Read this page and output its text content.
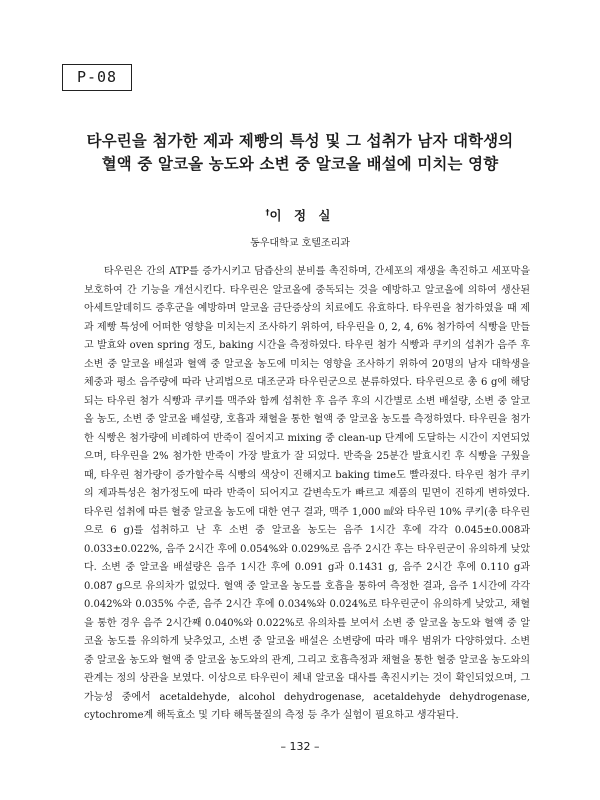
P-08
타우린을 첨가한 제과 제빵의 특성 및 그 섭취가 남자 대학생의
혈액 중 알코올 농도와 소변 중 알코올 배설에 미치는 영향
†이 정 실
동우대학교 호텔조리과

타우린은 간의 ATP를 증가시키고 담즙산의 분비를 촉진하며, 간세포의 재생을 촉진하고 세포막을 보호하여 간 기능을 개선시킨다. 타우린은 알코올에 중독되는 것을 예방하고 알코올에 의하여 생산된 아세트알데히드 증후군을 예방하며 알코올 금단증상의 치료에도 유효하다. 타우린을 첨가하였을 때 제과 제빵 특성에 어떠한 영향을 미치는지 조사하기 위하여, 타우린을 0, 2, 4, 6% 첨가하여 식빵을 만들고 발효와 oven spring 정도, baking 시간을 측정하였다. 타우린 첨가 식빵과 쿠키의 섭취가 음주 후 소변 중 알코올 배설과 혈액 중 알코올 농도에 미치는 영향을 조사하기 위하여 20명의 남자 대학생을 체중과 평소 음주량에 따라 난괴법으로 대조군과 타우린군으로 분류하였다. 타우린으로 총 6 g에 해당되는 타우린 첨가 식빵과 쿠키를 맥주와 함께 섭취한 후 음주 후의 시간별로 소변 배설량, 소변 중 알코올 농도, 소변 중 알코올 배설량, 호흡과 채혈을 통한 혈액 중 알코올 농도를 측정하였다. 타우린을 첨가한 식빵은 첨가량에 비례하여 반죽이 질어지고 mixing 중 clean-up 단계에 도달하는 시간이 지연되었으며, 타우린을 2% 첨가한 반죽이 가장 발효가 잘 되었다. 반죽을 25분간 발효시킨 후 식빵을 구웠을 때, 타우린 첨가량이 증가할수록 식빵의 색상이 진해지고 baking time도 빨라졌다. 타우린 첨가 쿠키의 제과특성은 첨가정도에 따라 반죽이 되어지고 갈변속도가 빠르고 제품의 밑면이 진하게 변하였다. 타우린 섭취에 따른 혈중 알코올 농도에 대한 연구 결과, 맥주 1,000 ㎖와 타우린 10% 쿠키(총 타우린으로 6 g)를 섭취하고 난 후 소변 중 알코올 농도는 음주 1시간 후에 각각 0.045±0.008과 0.033±0.022%, 음주 2시간 후에 0.054%와 0.029%로 음주 2시간 후는 타우린군이 유의하게 낮았다. 소변 중 알코올 배설량은 음주 1시간 후에 0.091 g과 0.1431 g, 음주 2시간 후에 0.110 g과 0.087 g으로 유의차가 없었다. 혈액 중 알코올 농도를 호흡을 통하여 측정한 결과, 음주 1시간에 각각 0.042%와 0.035% 수준, 음주 2시간 후에 0.034%와 0.024%로 타우린군이 유의하게 낮았고, 채혈을 통한 경우 음주 2시간째 0.040%와 0.022%로 유의차를 보여서 소변 중 알코올 농도와 혈액 중 알코올 농도를 유의하게 낮추었고, 소변 중 알코올 배설은 소변량에 따라 매우 범위가 다양하였다. 소변 중 알코올 농도와 혈액 중 알코올 농도와의 관계, 그리고 호흡측정과 채혈을 통한 혈중 알코올 농도와의 관계는 정의 상관을 보였다. 이상으로 타우린이 체내 알코올 대사를 촉진시키는 것이 확인되었으며, 그 가능성 중에서 acetaldehyde, alcohol dehydrogenase, acetaldehyde dehydrogenase, cytochrome계 해독효소 및 기타 해독물질의 측정 등 추가 실험이 필요하고 생각된다.

– 132 –
